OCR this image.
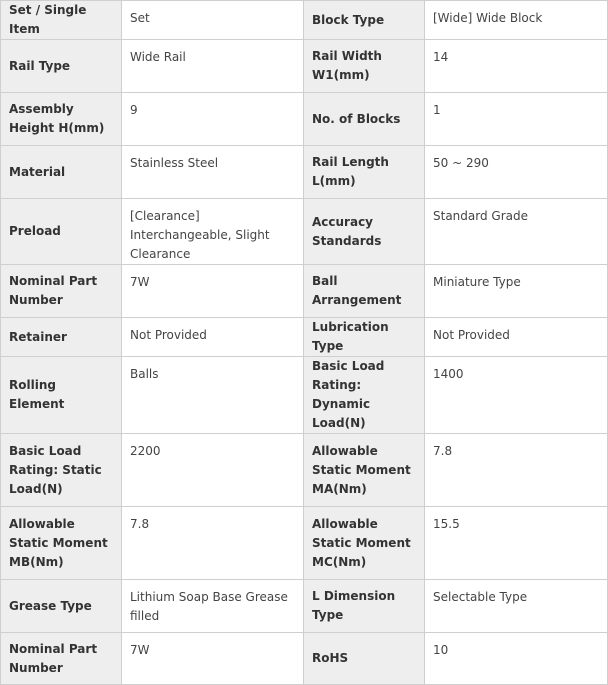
Set / Single Item	Set	Block Type	[Wide] Wide Block
Rail Type	Wide Rail	Rail Width W1(mm)	14
Assembly Height H(mm)	9	No. of Blocks	1
Material	Stainless Steel	Rail Length L(mm)	50 ~ 290
Preload	[Clearance] Interchangeable, Slight Clearance	Accuracy Standards	Standard Grade
Nominal Part Number	7W	Ball Arrangement	Miniature Type
Retainer	Not Provided	Lubrication Type	Not Provided
Rolling Element	Balls	Basic Load Rating: Dynamic Load(N)	1400
Basic Load Rating: Static Load(N)	2200	Allowable Static Moment MA(Nm)	7.8
Allowable Static Moment MB(Nm)	7.8	Allowable Static Moment MC(Nm)	15.5
Grease Type	Lithium Soap Base Grease filled	L Dimension Type	Selectable Type
Nominal Part Number	7W	RoHS	10
